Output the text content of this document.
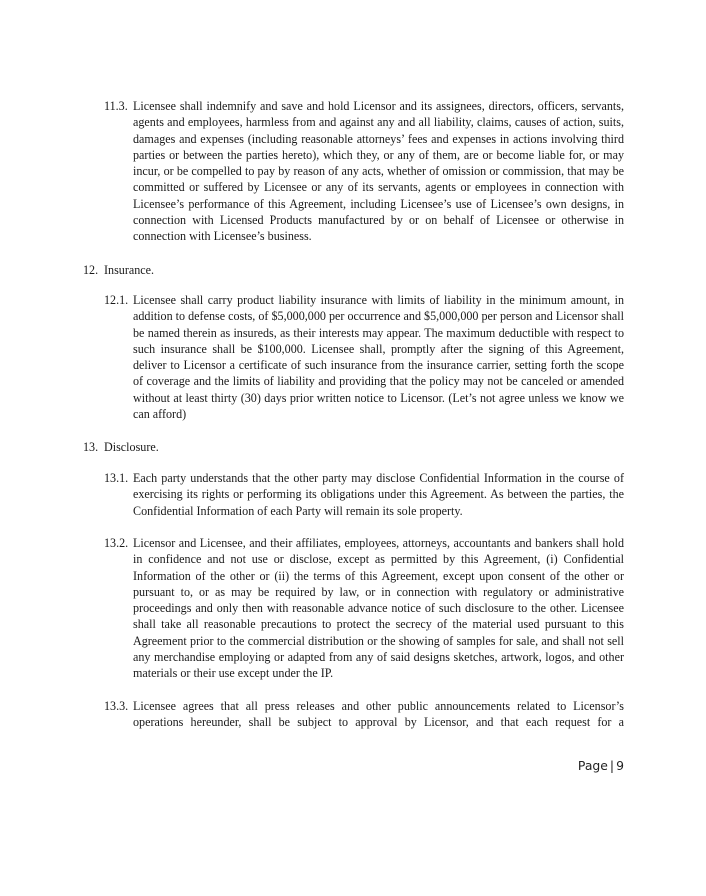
11.3. Licensee shall indemnify and save and hold Licensor and its assignees, directors, officers, servants, agents and employees, harmless from and against any and all liability, claims, causes of action, suits, damages and expenses (including reasonable attorneys’ fees and expenses in actions involving third parties or between the parties hereto), which they, or any of them, are or become liable for, or may incur, or be compelled to pay by reason of any acts, whether of omission or commission, that may be committed or suffered by Licensee or any of its servants, agents or employees in connection with Licensee’s performance of this Agreement, including Licensee’s use of Licensee’s own designs, in connection with Licensed Products manufactured by or on behalf of Licensee or otherwise in connection with Licensee’s business.
12. Insurance.
12.1. Licensee shall carry product liability insurance with limits of liability in the minimum amount, in addition to defense costs, of $5,000,000 per occurrence and $5,000,000 per person and Licensor shall be named therein as insureds, as their interests may appear. The maximum deductible with respect to such insurance shall be $100,000. Licensee shall, promptly after the signing of this Agreement, deliver to Licensor a certificate of such insurance from the insurance carrier, setting forth the scope of coverage and the limits of liability and providing that the policy may not be canceled or amended without at least thirty (30) days prior written notice to Licensor. (Let’s not agree unless we know we can afford)
13. Disclosure.
13.1. Each party understands that the other party may disclose Confidential Information in the course of exercising its rights or performing its obligations under this Agreement. As between the parties, the Confidential Information of each Party will remain its sole property.
13.2. Licensor and Licensee, and their affiliates, employees, attorneys, accountants and bankers shall hold in confidence and not use or disclose, except as permitted by this Agreement, (i) Confidential Information of the other or (ii) the terms of this Agreement, except upon consent of the other or pursuant to, or as may be required by law, or in connection with regulatory or administrative proceedings and only then with reasonable advance notice of such disclosure to the other. Licensee shall take all reasonable precautions to protect the secrecy of the material used pursuant to this Agreement prior to the commercial distribution or the showing of samples for sale, and shall not sell any merchandise employing or adapted from any of said designs sketches, artwork, logos, and other materials or their use except under the IP.
13.3. Licensee agrees that all press releases and other public announcements related to Licensor’s operations hereunder, shall be subject to approval by Licensor, and that each request for a
Page | 9
